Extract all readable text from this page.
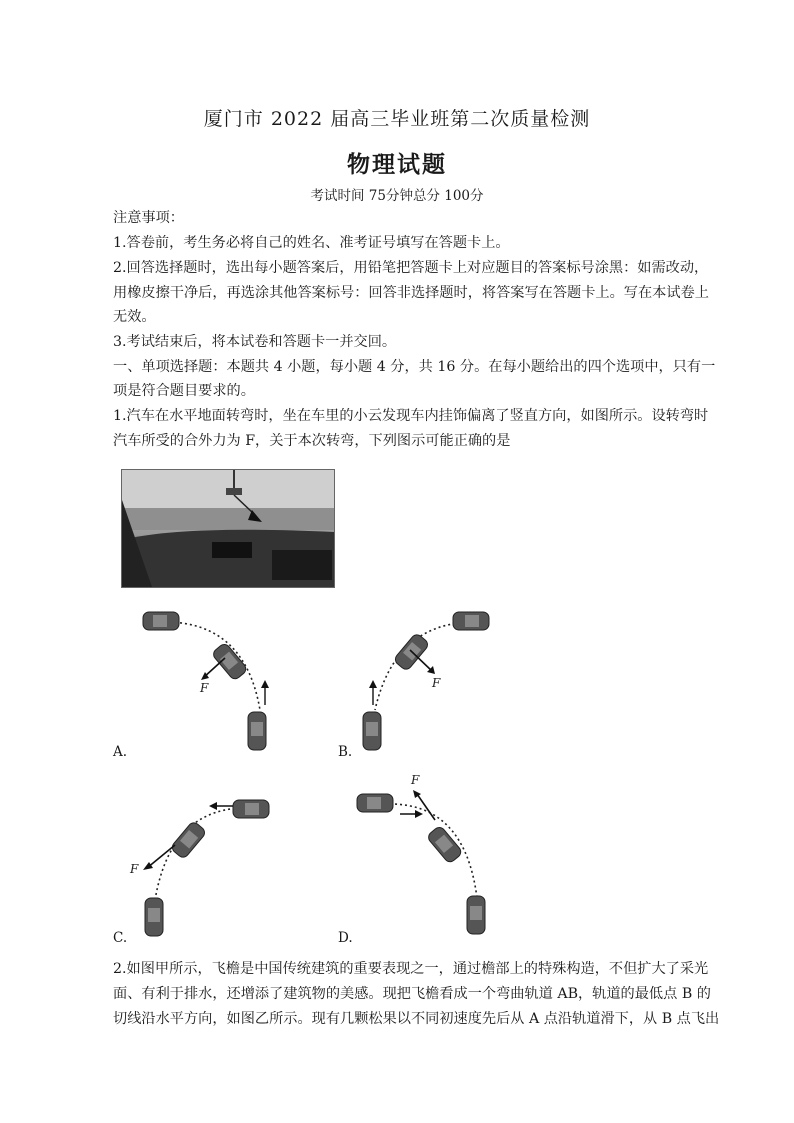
厦门市 2022 届高三毕业班第二次质量检测
物理试题
考试时间 75分钟总分 100分
注意事项：
1.答卷前，考生务必将自己的姓名、准考证号填写在答题卡上。
2.回答选择题时，选出每小题答案后，用铅笔把答题卡上对应题目的答案标号涂黑：如需改动，
用橡皮擦干净后，再选涂其他答案标号：回答非选择题时，将答案写在答题卡上。写在本试卷上
无效。
3.考试结束后，将本试卷和答题卡一并交回。
一、单项选择题：本题共 4 小题，每小题 4 分，共 16 分。在每小题给出的四个选项中，只有一
项是符合题目要求的。
1.汽车在水平地面转弯时，坐在车里的小云发现车内挂饰偏离了竖直方向，如图所示。设转弯时
汽车所受的合外力为 F，关于本次转弯，下列图示可能正确的是
F
A.
F
B.
F
C.
F
D.
2.如图甲所示，飞檐是中国传统建筑的重要表现之一，通过檐部上的特殊构造，不但扩大了采光
面、有利于排水，还增添了建筑物的美感。现把飞檐看成一个弯曲轨道 AB，轨道的最低点 B 的
切线沿水平方向，如图乙所示。现有几颗松果以不同初速度先后从 A 点沿轨道滑下，从 B 点飞出
